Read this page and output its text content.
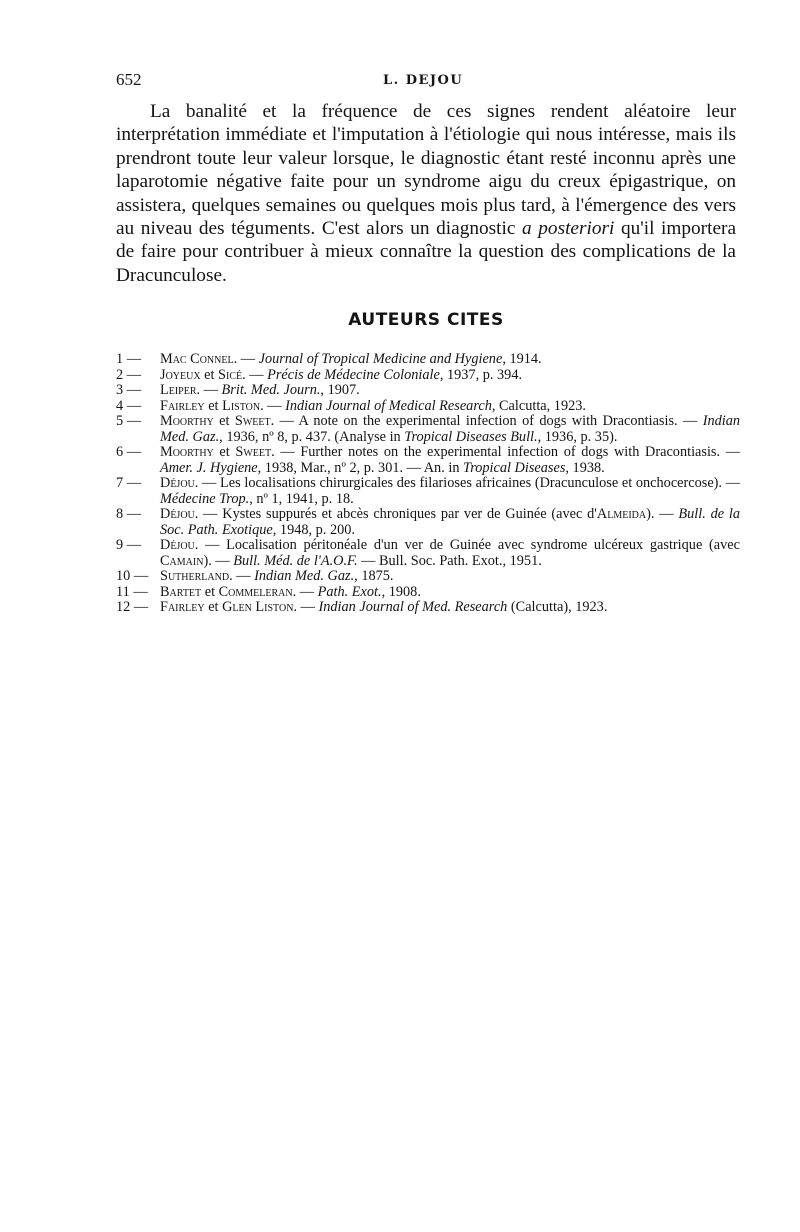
652	L. DEJOU

La banalité et la fréquence de ces signes rendent aléatoire leur interprétation immédiate et l'imputation à l'étiologie qui nous intéresse, mais ils prendront toute leur valeur lorsque, le diagnostic étant resté inconnu après une laparotomie négative faite pour un syndrome aigu du creux épigastrique, on assistera, quelques semaines ou quelques mois plus tard, à l'émergence des vers au niveau des téguments. C'est alors un diagnostic a posteriori qu'il importera de faire pour contribuer à mieux connaître la question des complications de la Dracunculose.

AUTEURS CITES
1 —	Mac Connel. — Journal of Tropical Medicine and Hygiene, 1914.
2 —	Joyeux et Sicé. — Précis de Médecine Coloniale, 1937, p. 394.
3 —	Leiper. — Brit. Med. Journ., 1907.
4 —	Fairley et Liston. — Indian Journal of Medical Research, Calcutta, 1923.
5 —	Moorthy et Sweet. — A note on the experimental infection of dogs with Dracontiasis. — Indian Med. Gaz., 1936, nº 8, p. 437. (Analyse in Tropical Diseases Bull., 1936, p. 35).
6 —	Moorthy et Sweet. — Further notes on the experimental infection of dogs with Dracontiasis. — Amer. J. Hygiene, 1938, Mar., nº 2, p. 301. — An. in Tropical Diseases, 1938.
7 —	Déjou. — Les localisations chirurgicales des filarioses africaines (Dracunculose et onchocercose). — Médecine Trop., nº 1, 1941, p. 18.
8 —	Déjou. — Kystes suppurés et abcès chroniques par ver de Guinée (avec d'Almeida). — Bull. de la Soc. Path. Exotique, 1948, p. 200.
9 —	Déjou. — Localisation péritonéale d'un ver de Guinée avec syndrome ulcéreux gastrique (avec Camain). — Bull. Méd. de l'A.O.F. — Bull. Soc. Path. Exot., 1951.
10 — Sutherland. — Indian Med. Gaz., 1875.
11 — Bartet et Commeleran. — Path. Exot., 1908.
12 — Fairley et Glen Liston. — Indian Journal of Med. Research (Calcutta), 1923.
